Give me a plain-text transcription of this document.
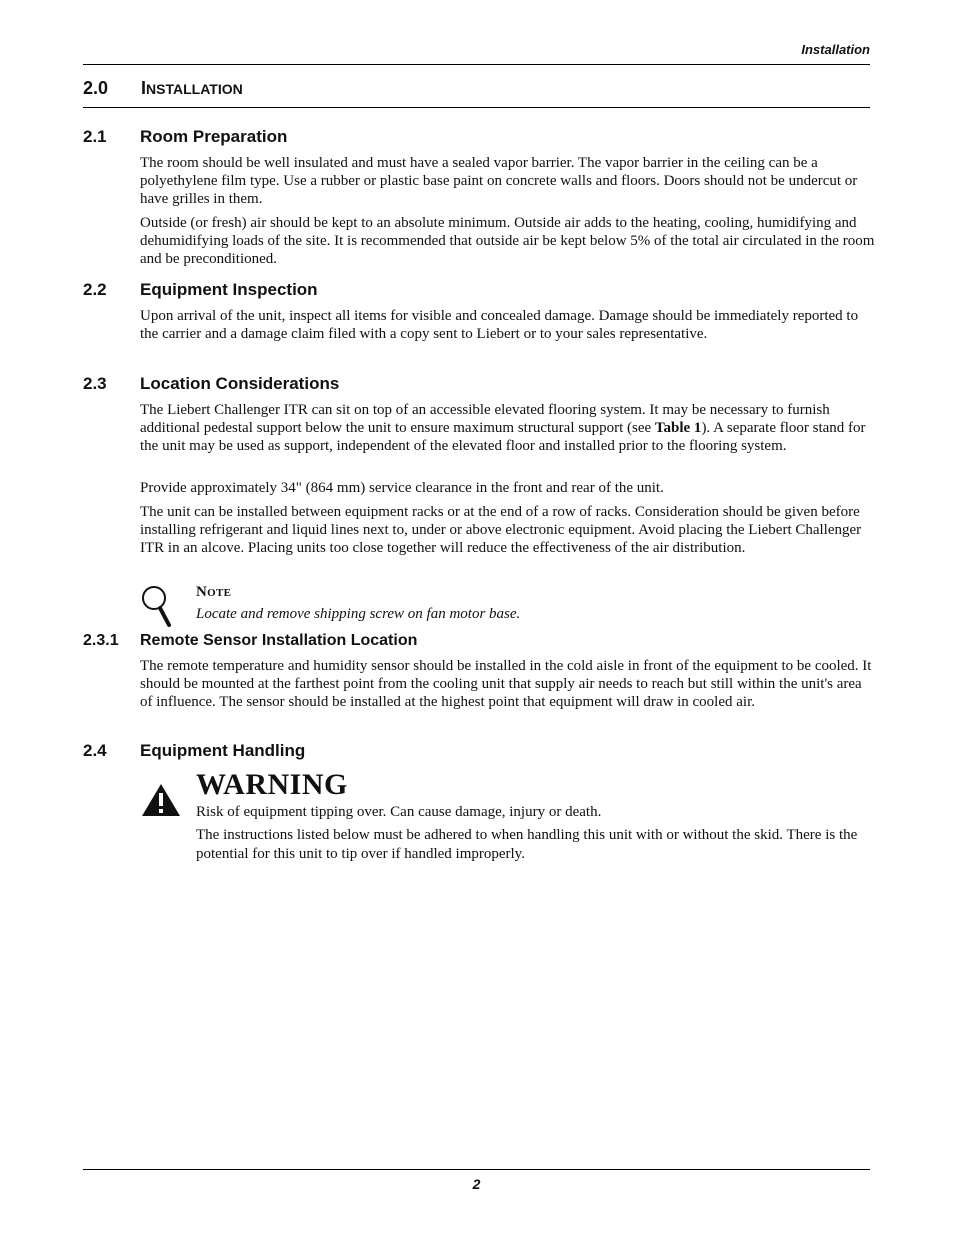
Installation
2.0 INSTALLATION
2.1 Room Preparation

The room should be well insulated and must have a sealed vapor barrier. The vapor barrier in the ceiling can be a polyethylene film type. Use a rubber or plastic base paint on concrete walls and floors. Doors should not be undercut or have grilles in them.

Outside (or fresh) air should be kept to an absolute minimum. Outside air adds to the heating, cooling, humidifying and dehumidifying loads of the site. It is recommended that outside air be kept below 5% of the total air circulated in the room and be preconditioned.

2.2 Equipment Inspection

Upon arrival of the unit, inspect all items for visible and concealed damage. Damage should be immediately reported to the carrier and a damage claim filed with a copy sent to Liebert or to your sales representative.

2.3 Location Considerations

The Liebert Challenger ITR can sit on top of an accessible elevated flooring system. It may be necessary to furnish additional pedestal support below the unit to ensure maximum structural support (see Table 1). A separate floor stand for the unit may be used as support, independent of the elevated floor and installed prior to the flooring system.

Provide approximately 34" (864 mm) service clearance in the front and rear of the unit.

The unit can be installed between equipment racks or at the end of a row of racks. Consideration should be given before installing refrigerant and liquid lines next to, under or above electronic equipment. Avoid placing the Liebert Challenger ITR in an alcove. Placing units too close together will reduce the effectiveness of the air distribution.

Note
Locate and remove shipping screw on fan motor base.
2.3.1 Remote Sensor Installation Location

The remote temperature and humidity sensor should be installed in the cold aisle in front of the equipment to be cooled. It should be mounted at the farthest point from the cooling unit that supply air needs to reach but still within the unit's area of influence. The sensor should be installed at the highest point that equipment will draw in cooled air.

2.4 Equipment Handling
WARNING

Risk of equipment tipping over. Can cause damage, injury or death.

The instructions listed below must be adhered to when handling this unit with or without the skid. There is the potential for this unit to tip over if handled improperly.

2
